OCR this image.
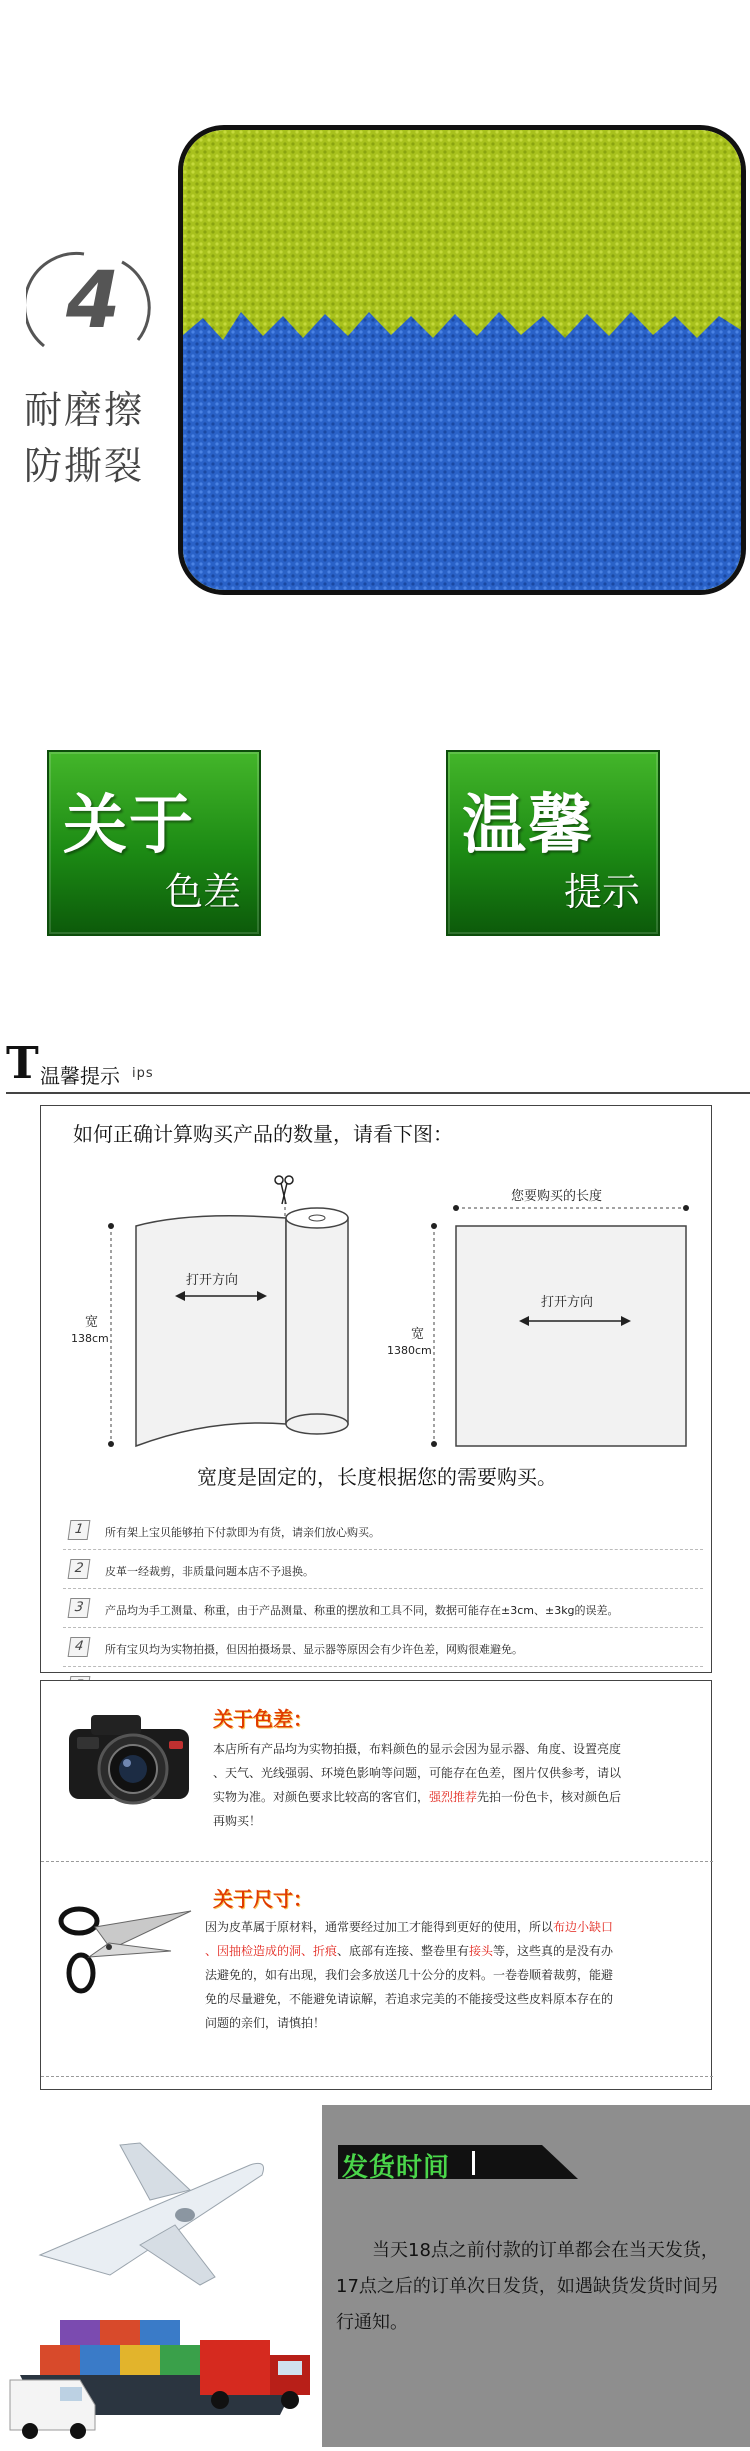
4
耐磨擦
防撕裂
关于
色差
温馨
提示
T 温馨提示 ips
如何正确计算购买产品的数量，请看下图：
打开方向
打开方向
宽
138cm	宽
1380cm
您要购买的长度
宽度是固定的，长度根据您的需要购买。
1	所有架上宝贝能够拍下付款即为有货，请亲们放心购买。
2	皮革一经裁剪，非质量问题本店不予退换。
3	产品均为手工测量、称重，由于产品测量、称重的摆放和工具不同，数据可能存在±3cm、±3kg的误差。
4	所有宝贝均为实物拍摄，但因拍摄场景、显示器等原因会有少许色差，网购很难避免。
关于色差：
本店所有产品均为实物拍摄，布料颜色的显示会因为显示器、角度、设置亮度
、天气、光线强弱、环境色影响等问题，可能存在色差，图片仅供参考，请以
实物为准。对颜色要求比较高的客官们，强烈推荐先拍一份色卡，核对颜色后
再购买！
关于尺寸：
因为皮革属于原材料，通常要经过加工才能得到更好的使用，所以布边小缺口
、因抽检造成的洞、折痕、底部有连接、整卷里有接头等，这些真的是没有办
法避免的，如有出现，我们会多放送几十公分的皮料。一卷卷顺着裁剪，能避
免的尽量避免，不能避免请谅解，若追求完美的不能接受这些皮料原本存在的
问题的亲们，请慎拍！
发货时间
当天18点之前付款的订单都会在当天发货，17点之后的订单次日发货，如遇缺货发货时间另行通知。
